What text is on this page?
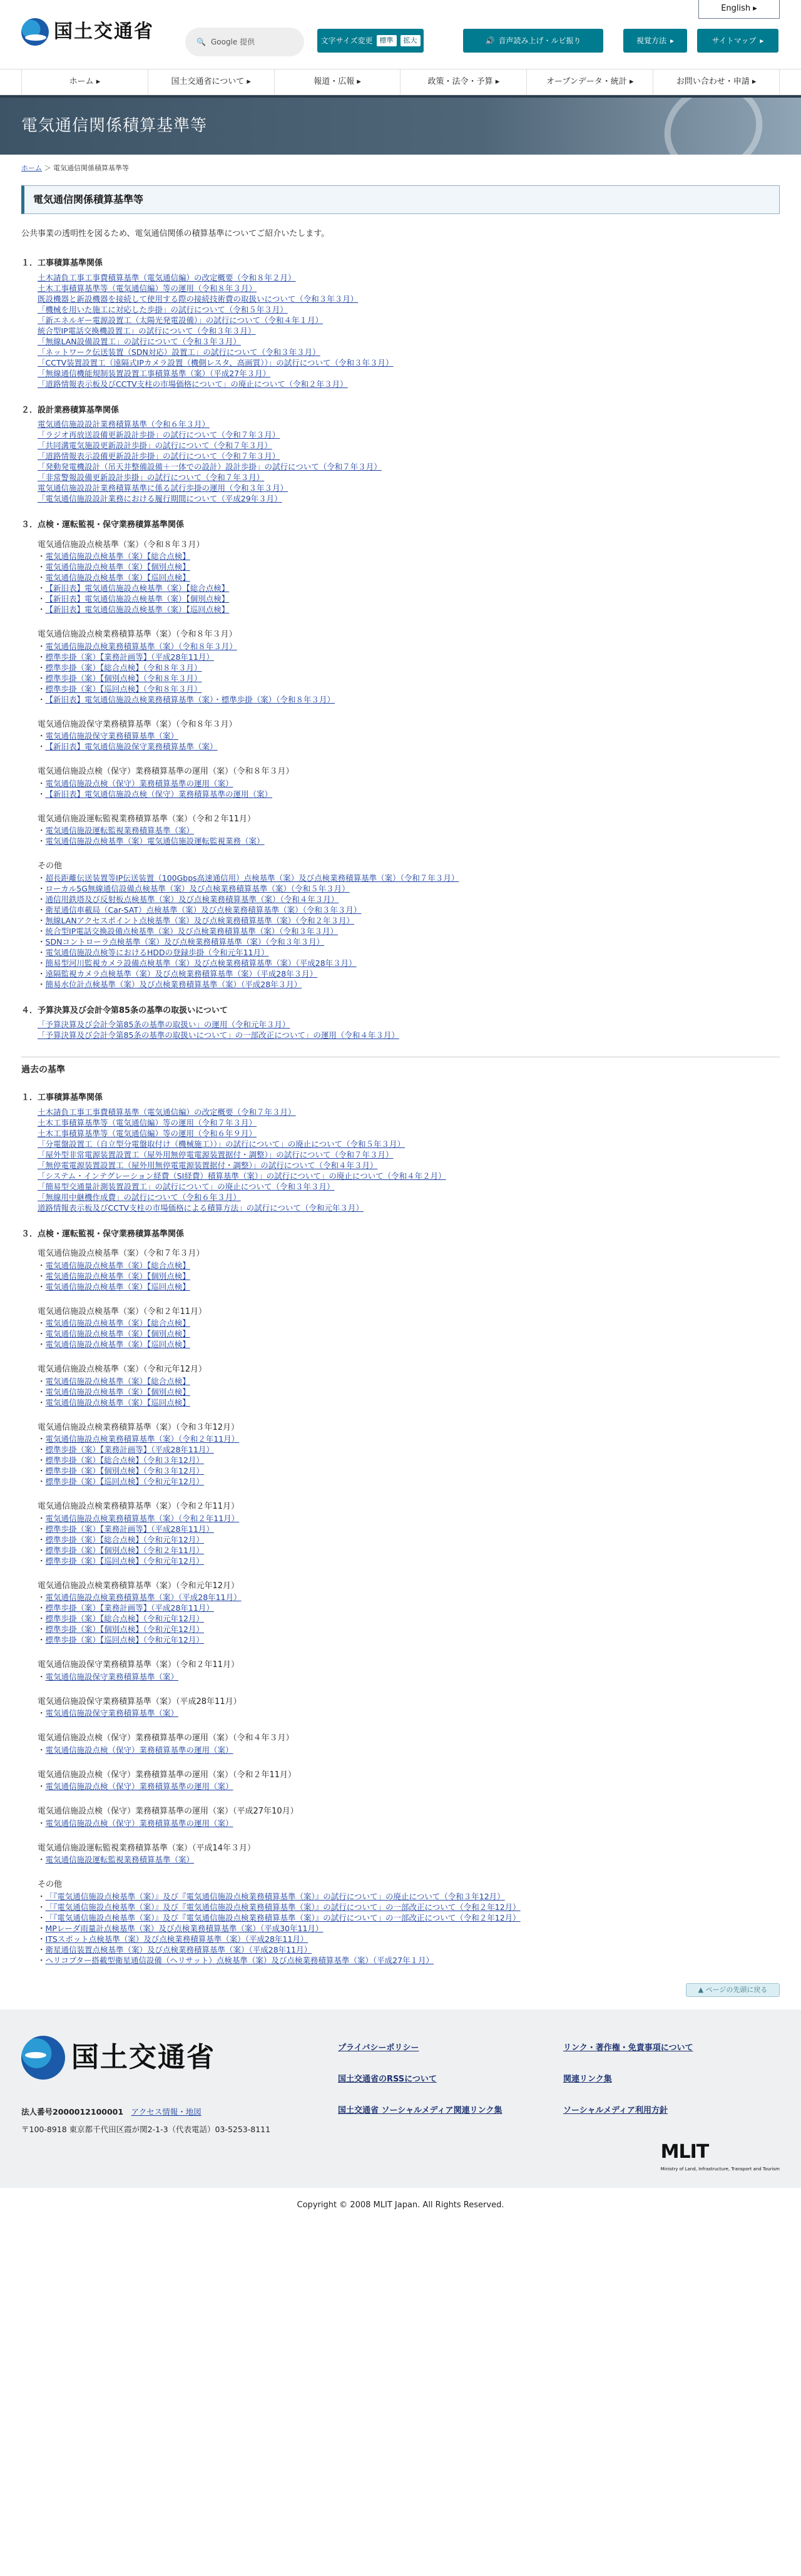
English ▸
国土交通省	🔍 Google 提供	文字サイズ変更	標準	拡大	🔊 音声読み上げ・ルビ振り	視覚方法 ▸	サイトマップ ▸
ホーム ▸	国土交通省について ▸	報道・広報 ▸	政策・法令・予算 ▸	オープンデータ・統計 ▸	お問い合わせ・申請 ▸
電気通信関係積算基準等
ホーム ＞ 電気通信関係積算基準等
電気通信関係積算基準等

公共事業の透明性を図るため、電気通信関係の積算基準についてご紹介いたします。

１．工事積算基準関係
土木請負工事工事費積算基準（電気通信編）の改定概要（令和８年２月）
土木工事積算基準等（電気通信編）等の運用（令和８年３月）
既設機器と新設機器を接続して使用する際の接続技術費の取扱いについて（令和３年３月）
「機械を用いた施工に対応した歩掛」の試行について（令和５年３月）
「新エネルギー電源設置工（太陽光発電設備）」の試行について（令和４年１月）
統合型IP電話交換機設置工」の試行について（令和３年３月）
「無線LAN設備設置工」の試行について（令和３年３月）
「ネットワーク伝送装置（SDN対応）設置工」の試行について（令和３年３月）
「CCTV装置設置工（遠隔式IPカメラ設置（機側レスタ、高画質））」の試行について（令和３年３月）
「無線通信機能規制装置設置工事積算基準（案）（平成27年３月）
「道路情報表示板及びCCTV支柱の市場価格について」の廃止について（令和２年３月）
２．設計業務積算基準関係
電気通信施設設計業務積算基準（令和６年３月）
「ラジオ再放送設備更新設計歩掛」の試行について（令和７年３月）
「共同溝電気施設更新設計歩掛」の試行について（令和７年３月）
「道路情報表示設備更新設計歩掛」の試行について（令和７年３月）
「発動発電機設計（吊天井整備設備＋一体での設計）設計歩掛」の試行について（令和７年３月）
「非常警報設備更新設計歩掛」の試行について（令和７年３月）
電気通信施設設計業務積算基準に係る試行歩掛の運用（令和３年３月）
「電気通信施設設計業務における履行期間について（平成29年３月）
３．点検・運転監視・保守業務積算基準関係
電気通信施設点検基準（案）（令和８年３月）
・ 電気通信施設点検基準（案）【総合点検】
・ 電気通信施設点検基準（案）【個別点検】
・ 電気通信施設点検基準（案）【巡回点検】
・ 【新旧表】電気通信施設点検基準（案）【総合点検】
・ 【新旧表】電気通信施設点検基準（案）【個別点検】
・ 【新旧表】電気通信施設点検基準（案）【巡回点検】
電気通信施設点検業務積算基準（案）（令和８年３月）
・ 電気通信施設点検業務積算基準（案）（令和８年３月）
・ 標準歩掛（案）【業務計画等】（平成28年11月）
・ 標準歩掛（案）【総合点検】（令和８年３月）
・ 標準歩掛（案）【個別点検】（令和８年３月）
・ 標準歩掛（案）【巡回点検】（令和８年３月）
・ 【新旧表】電気通信施設点検業務積算基準（案）・標準歩掛（案）（令和８年３月）
電気通信施設保守業務積算基準（案）（令和８年３月）
・ 電気通信施設保守業務積算基準（案）
・ 【新旧表】電気通信施設保守業務積算基準（案）
電気通信施設点検（保守）業務積算基準の運用（案）（令和８年３月）
・ 電気通信施設点検（保守）業務積算基準の運用（案）
・ 【新旧表】電気通信施設点検（保守）業務積算基準の運用（案）
電気通信施設運転監視業務積算基準（案）（令和２年11月）
・ 電気通信施設運転監視業務積算基準（案）
・ 電気通信施設点検基準（案）電気通信施設運転監視業務（案）
その他
・ 超長距離伝送装置等IP伝送装置（100Gbps高速通信用）点検基準（案）及び点検業務積算基準（案）（令和７年３月）
・ ローカル5G無線通信設備点検基準（案）及び点検業務積算基準（案）（令和５年３月）
・ 通信用鉄塔及び反射板点検基準（案）及び点検業務積算基準（案）（令和４年３月）
・ 衛星通信車載局（Car-SAT）点検基準（案）及び点検業務積算基準（案）（令和３年３月）
・ 無線LANアクセスポイント点検基準（案）及び点検業務積算基準（案）（令和２年３月）
・ 統合型IP電話交換設備点検基準（案）及び点検業務積算基準（案）（令和３年３月）
・ SDNコントローラ点検基準（案）及び点検業務積算基準（案）（令和３年３月）
・ 電気通信施設点検等におけるHDDの登録歩掛（令和元年11月）
・ 簡易型河川監視カメラ設備点検基準（案）及び点検業務積算基準（案）（平成28年３月）
・ 遠隔監視カメラ点検基準（案）及び点検業務積算基準（案）（平成28年３月）
・ 簡易水位計点検基準（案）及び点検業務積算基準（案）（平成28年３月）
４．予算決算及び会計令第85条の基準の取扱いについて
「予算決算及び会計令第85条の基準の取扱い」の運用（令和元年３月）
「予算決算及び会計令第85条の基準の取扱いについて」の一部改正について」の運用（令和４年３月）
過去の基準
１．工事積算基準関係
土木請負工事工事費積算基準（電気通信編）の改定概要（令和７年３月）
土木工事積算基準等（電気通信編）等の運用（令和７年３月）
土木工事積算基準等（電気通信編）等の運用（令和６年９月）
「分電盤設置工（自立型分電盤取付け（機械施工））」の試行について」の廃止について（令和５年３月）
「屋外型非常電源装置設置工（屋外用無停電電源装置据付・調整）」の試行について（令和７年３月）
「無停電電源装置設置工（屋外用無停電電源装置据付・調整）」の試行について（令和４年３月）
「システム・インテグレーション経費（SI経費）積算基準（案）」の試行について」の廃止について（令和４年２月）
「簡易型交通量計測装置設置工」の試行について」の廃止について（令和３年３月）
「無線用中継機作成費」の試行について（令和６年３月）
道路情報表示板及びCCTV支柱の市場価格による積算方法」の試行について（令和元年３月）
３．点検・運転監視・保守業務積算基準関係
電気通信施設点検基準（案）（令和７年３月）
・ 電気通信施設点検基準（案）【総合点検】
・ 電気通信施設点検基準（案）【個別点検】
・ 電気通信施設点検基準（案）【巡回点検】
電気通信施設点検基準（案）（令和２年11月）
・ 電気通信施設点検基準（案）【総合点検】
・ 電気通信施設点検基準（案）【個別点検】
・ 電気通信施設点検基準（案）【巡回点検】
電気通信施設点検基準（案）（令和元年12月）
・ 電気通信施設点検基準（案）【総合点検】
・ 電気通信施設点検基準（案）【個別点検】
・ 電気通信施設点検基準（案）【巡回点検】
電気通信施設点検業務積算基準（案）（令和３年12月）
・ 電気通信施設点検業務積算基準（案）（令和２年11月）
・ 標準歩掛（案）【業務計画等】（平成28年11月）
・ 標準歩掛（案）【総合点検】（令和３年12月）
・ 標準歩掛（案）【個別点検】（令和３年12月）
・ 標準歩掛（案）【巡回点検】（令和元年12月）
電気通信施設点検業務積算基準（案）（令和２年11月）
・ 電気通信施設点検業務積算基準（案）（令和２年11月）
・ 標準歩掛（案）【業務計画等】（平成28年11月）
・ 標準歩掛（案）【総合点検】（令和元年12月）
・ 標準歩掛（案）【個別点検】（令和２年11月）
・ 標準歩掛（案）【巡回点検】（令和元年12月）
電気通信施設点検業務積算基準（案）（令和元年12月）
・ 電気通信施設点検業務積算基準（案）（平成28年11月）
・ 標準歩掛（案）【業務計画等】（平成28年11月）
・ 標準歩掛（案）【総合点検】（令和元年12月）
・ 標準歩掛（案）【個別点検】（令和元年12月）
・ 標準歩掛（案）【巡回点検】（令和元年12月）
電気通信施設保守業務積算基準（案）（令和２年11月）
・ 電気通信施設保守業務積算基準（案）
電気通信施設保守業務積算基準（案）（平成28年11月）
・ 電気通信施設保守業務積算基準（案）
電気通信施設点検（保守）業務積算基準の運用（案）（令和４年３月）
・ 電気通信施設点検（保守）業務積算基準の運用（案）
電気通信施設点検（保守）業務積算基準の運用（案）（令和２年11月）
・ 電気通信施設点検（保守）業務積算基準の運用（案）
電気通信施設点検（保守）業務積算基準の運用（案）（平成27年10月）
・ 電気通信施設点検（保守）業務積算基準の運用（案）
電気通信施設運転監視業務積算基準（案）（平成14年３月）
・ 電気通信施設運転監視業務積算基準（案）
その他
・ 「『電気通信施設点検基準（案）』及び『電気通信施設点検業務積算基準（案）』の試行について」の廃止について（令和３年12月）
・ 「『電気通信施設点検基準（案）』及び『電気通信施設点検業務積算基準（案）』の試行について」の一部改正について（令和２年12月）
・ 「『電気通信施設点検基準（案）』及び『電気通信施設点検業務積算基準（案）』の試行について」の一部改正について（令和２年12月）
・ MPレーダ雨量計点検基準（案）及び点検業務積算基準（案）（平成30年11月）
・ ITSスポット点検基準（案）及び点検業務積算基準（案）（平成28年11月）
・ 衛星通信装置点検基準（案）及び点検業務積算基準（案）（平成28年11月）
・ ヘリコプター搭載型衛星通信設備（ヘリサット）点検基準（案）及び点検業務積算基準（案）（平成27年１月）
▲ ページの先頭に戻る
国土交通省
法人番号2000012100001　 アクセス情報・地図
〒100-8918 東京都千代田区霞が関2-1-3（代表電話）03-5253-8111
プライバシーポリシー
国土交通省のRSSについて
国土交通省 ソーシャルメディア関連リンク集
リンク・著作権・免責事項について
関連リンク集
ソーシャルメディア利用方針
MLIT
Ministry of Land, Infrastructure, Transport and Tourism
Copyright © 2008 MLIT Japan. All Rights Reserved.
